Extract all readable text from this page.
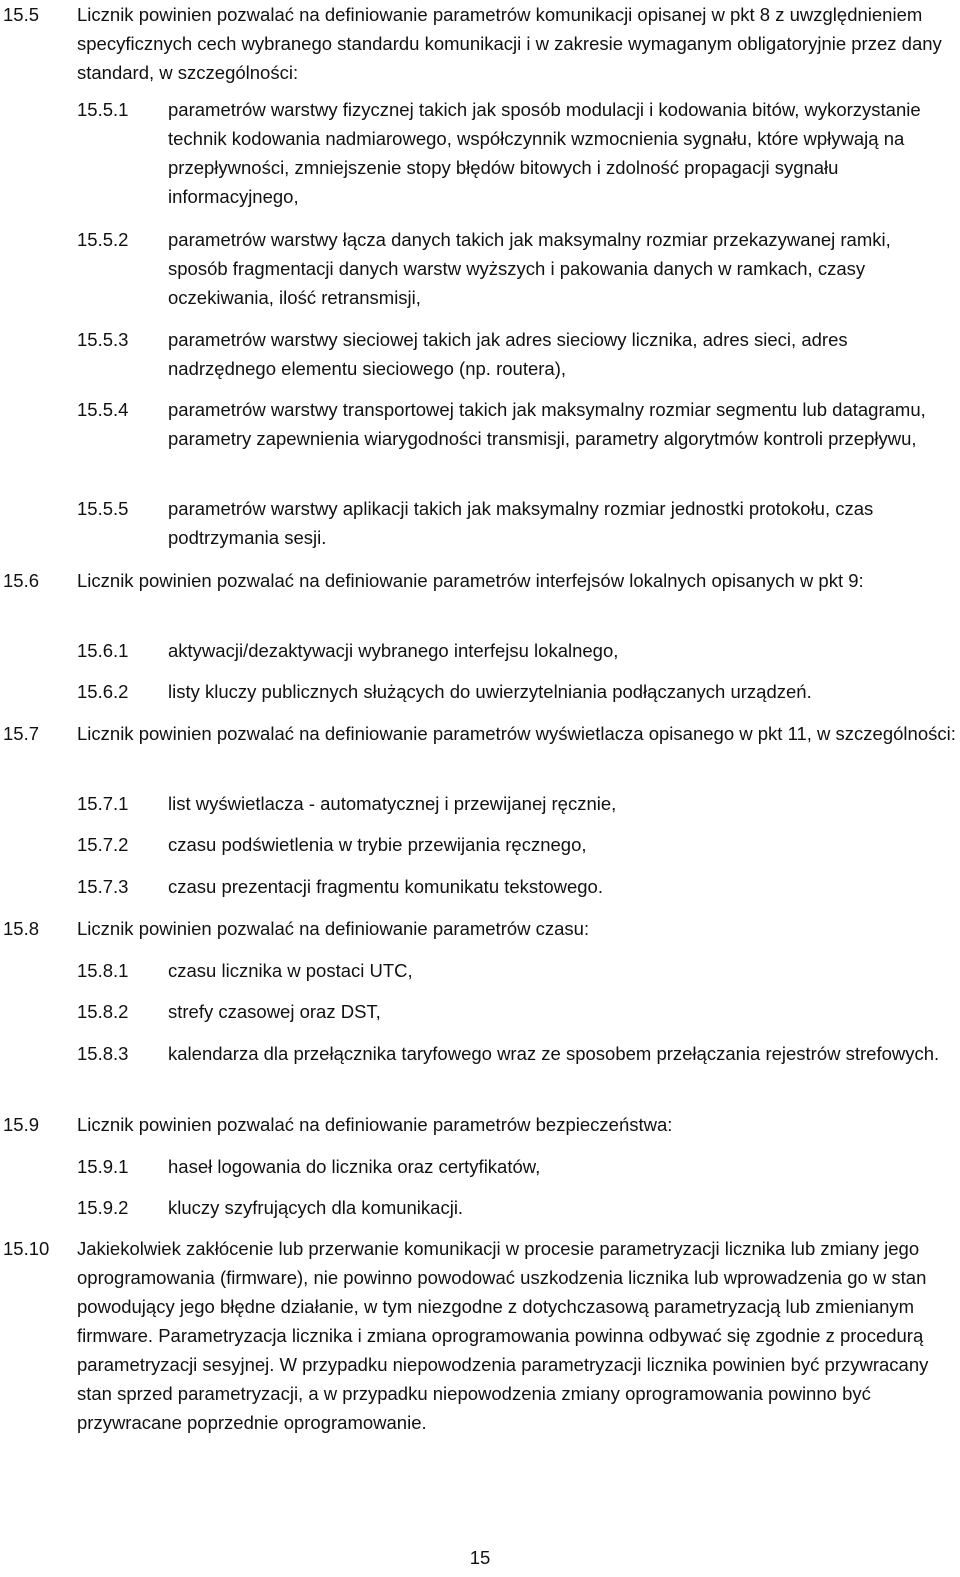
15.5 Licznik powinien pozwalać na definiowanie parametrów komunikacji opisanej w pkt 8 z uwzględnieniem specyficznych cech wybranego standardu komunikacji i w zakresie wymaganym obligatoryjnie przez dany standard, w szczególności:
15.5.1 parametrów warstwy fizycznej takich jak sposób modulacji i kodowania bitów, wykorzystanie technik kodowania nadmiarowego, współczynnik wzmocnienia sygnału, które wpływają na przepływności, zmniejszenie stopy błędów bitowych i zdolność propagacji sygnału informacyjnego,
15.5.2 parametrów warstwy łącza danych takich jak maksymalny rozmiar przekazywanej ramki, sposób fragmentacji danych warstw wyższych i pakowania danych w ramkach, czasy oczekiwania, ilość retransmisji,
15.5.3 parametrów warstwy sieciowej takich jak adres sieciowy licznika, adres sieci, adres nadrzędnego elementu sieciowego (np. routera),
15.5.4 parametrów warstwy transportowej takich jak maksymalny rozmiar segmentu lub datagramu, parametry zapewnienia wiarygodności transmisji, parametry algorytmów kontroli przepływu,
15.5.5 parametrów warstwy aplikacji takich jak maksymalny rozmiar jednostki protokołu, czas podtrzymania sesji.
15.6 Licznik powinien pozwalać na definiowanie parametrów interfejsów lokalnych opisanych w pkt 9:
15.6.1 aktywacji/dezaktywacji wybranego interfejsu lokalnego,
15.6.2 listy kluczy publicznych służących do uwierzytelniania podłączanych urządzeń.
15.7 Licznik powinien pozwalać na definiowanie parametrów wyświetlacza opisanego w pkt 11, w szczególności:
15.7.1 list wyświetlacza - automatycznej i przewijanej ręcznie,
15.7.2 czasu podświetlenia w trybie przewijania ręcznego,
15.7.3 czasu prezentacji fragmentu komunikatu tekstowego.
15.8 Licznik powinien pozwalać na definiowanie parametrów czasu:
15.8.1 czasu licznika w postaci UTC,
15.8.2 strefy czasowej oraz DST,
15.8.3 kalendarza dla przełącznika taryfowego wraz ze sposobem przełączania rejestrów strefowych.
15.9 Licznik powinien pozwalać na definiowanie parametrów bezpieczeństwa:
15.9.1 haseł logowania do licznika oraz certyfikatów,
15.9.2 kluczy szyfrujących dla komunikacji.
15.10 Jakiekolwiek zakłócenie lub przerwanie komunikacji w procesie parametryzacji licznika lub zmiany jego oprogramowania (firmware), nie powinno powodować uszkodzenia licznika lub wprowadzenia go w stan powodujący jego błędne działanie, w tym niezgodne z dotychczasową parametryzacją lub zmienianym firmware. Parametryzacja licznika i zmiana oprogramowania powinna odbywać się zgodnie z procedurą parametryzacji sesyjnej. W przypadku niepowodzenia parametryzacji licznika powinien być przywracany stan sprzed parametryzacji, a w przypadku niepowodzenia zmiany oprogramowania powinno być przywracane poprzednie oprogramowanie.
15
